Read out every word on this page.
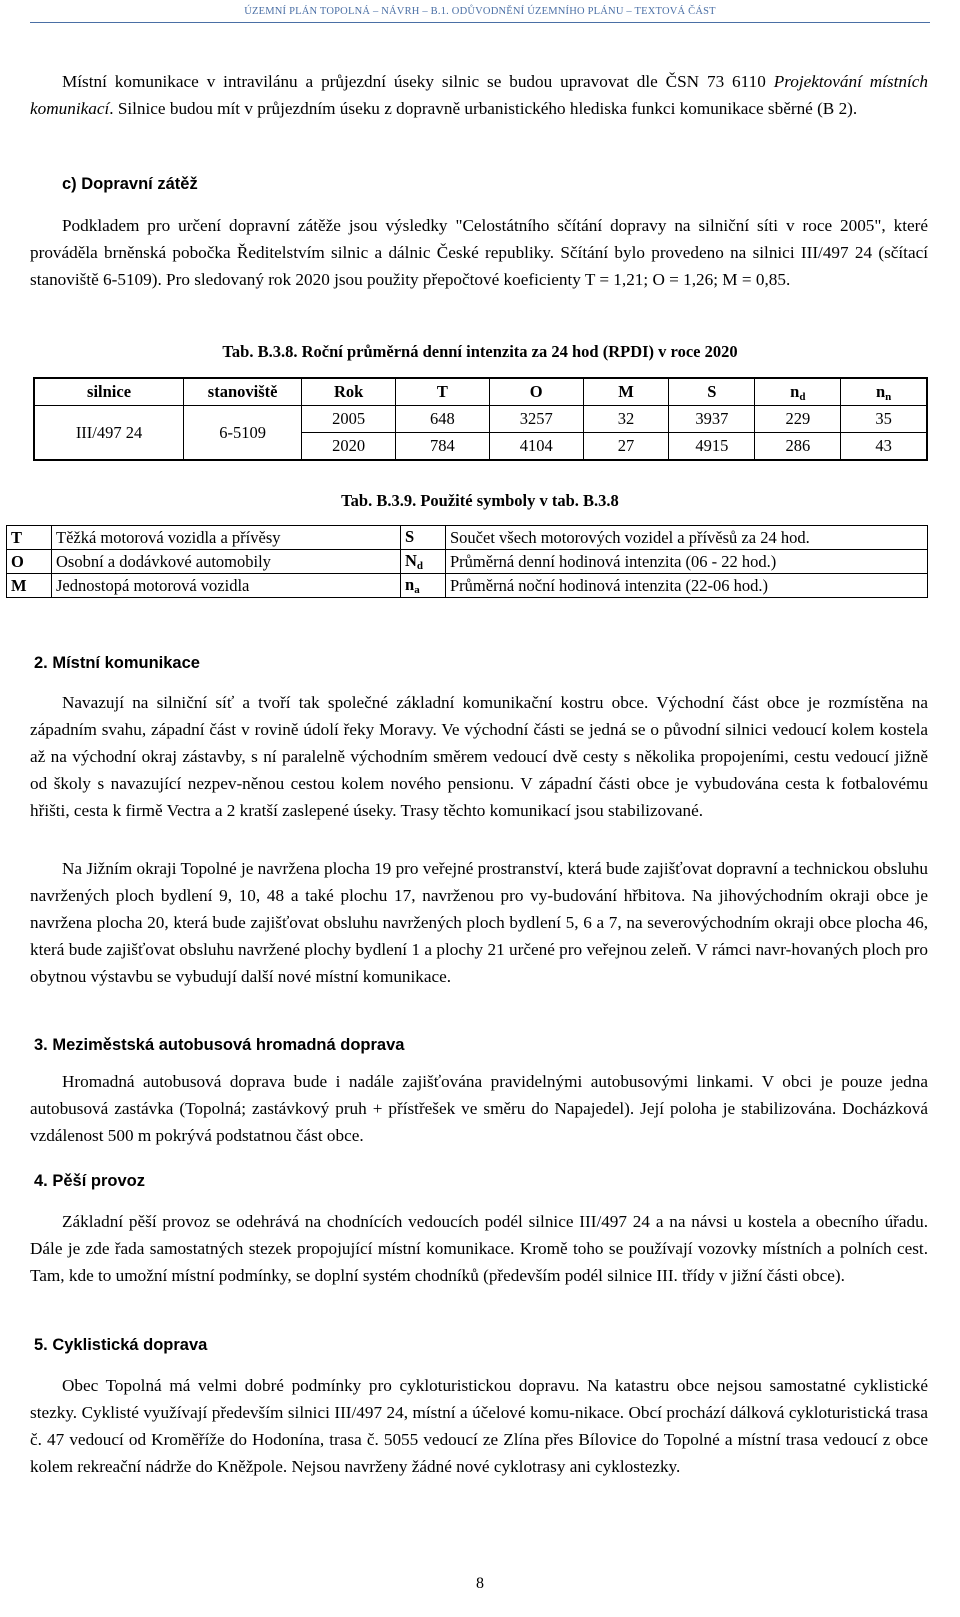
ÚZEMNÍ PLÁN TOPOLNÁ – NÁVRH – B.1. ODŮVODNĚNÍ ÚZEMNÍHO PLÁNU – TEXTOVÁ ČÁST
Místní komunikace v intravilánu a průjezdní úseky silnic se budou upravovat dle ČSN 73 6110 Projektování místních komunikací. Silnice budou mít v průjezdním úseku z dopravně urbanistického hlediska funkci komunikace sběrné (B 2).
c) Dopravní zátěž
Podkladem pro určení dopravní zátěže jsou výsledky "Celostátního sčítání dopravy na silniční síti v roce 2005", které prováděla brněnská pobočka Ředitelstvím silnic a dálnic České republiky. Sčítání bylo provedeno na silnici III/497 24 (sčítací stanoviště 6-5109). Pro sledovaný rok 2020 jsou použity přepočtové koeficienty T = 1,21; O = 1,26; M = 0,85.
Tab. B.3.8. Roční průměrná denní intenzita za 24 hod (RPDI) v roce 2020
silnice	stanoviště	Rok	T	O	M	S	$n_d$	$n_n$
III/497 24	6-5109	2005	648	3257	32	3937	229	35
		2020	784	4104	27	4915	286	43
Tab. B.3.9. Použité symboly v tab. B.3.8
T	Těžká motorová vozidla a přívěsy	S	Součet všech motorových vozidel a přívěsů za 24 hod.
O	Osobní a dodávkové automobily	$N_d$	Průměrná denní hodinová intenzita (06 - 22 hod.)
M	Jednostopá motorová vozidla	$n_a$	Průměrná noční hodinová intenzita (22-06 hod.)
2. Místní komunikace
Navazují na silniční síť a tvoří tak společné základní komunikační kostru obce. Východní část obce je rozmístěna na západním svahu, západní část v rovině údolí řeky Moravy. Ve východní části se jedná se o původní silnici vedoucí kolem kostela až na východní okraj zástavby, s ní paralelně východním směrem vedoucí dvě cesty s několika propojeními, cestu vedoucí jižně od školy s navazující nezpev-něnou cestou kolem nového pensionu. V západní části obce je vybudována cesta k fotbalovému hřišti, cesta k firmě Vectra a 2 kratší zaslepené úseky. Trasy těchto komunikací jsou stabilizované.
Na Jižním okraji Topolné je navržena plocha 19 pro veřejné prostranství, která bude zajišťovat dopravní a technickou obsluhu navržených ploch bydlení 9, 10, 48 a také plochu 17, navrženou pro vy-budování hřbitova. Na jihovýchodním okraji obce je navržena plocha 20, která bude zajišťovat obsluhu navržených ploch bydlení 5, 6 a 7, na severovýchodním okraji obce plocha 46, která bude zajišťovat obsluhu navržené plochy bydlení 1 a plochy 21 určené pro veřejnou zeleň. V rámci navr-hovaných ploch pro obytnou výstavbu se vybudují další nové místní komunikace.
3. Meziměstská autobusová hromadná doprava
Hromadná autobusová doprava bude i nadále zajišťována pravidelnými autobusovými linkami. V obci je pouze jedna autobusová zastávka (Topolná; zastávkový pruh + přístřešek ve směru do Napajedel). Její poloha je stabilizována. Docházková vzdálenost 500 m pokrývá podstatnou část obce.
4. Pěší provoz
Základní pěší provoz se odehrává na chodnících vedoucích podél silnice III/497 24 a na návsi u kostela a obecního úřadu. Dále je zde řada samostatných stezek propojující místní komunikace. Kromě toho se používají vozovky místních a polních cest. Tam, kde to umožní místní podmínky, se doplní systém chodníků (především podél silnice III. třídy v jižní části obce).
5. Cyklistická doprava
Obec Topolná má velmi dobré podmínky pro cykloturistickou dopravu. Na katastru obce nejsou samostatné cyklistické stezky. Cyklisté využívají především silnici III/497 24, místní a účelové komu-nikace. Obcí prochází dálková cykloturistická trasa č. 47 vedoucí od Kroměříže do Hodonína, trasa č. 5055 vedoucí ze Zlína přes Bílovice do Topolné a místní trasa vedoucí z obce kolem rekreační nádrže do Kněžpole. Nejsou navrženy žádné nové cyklotrasy ani cyklostezky.
8
